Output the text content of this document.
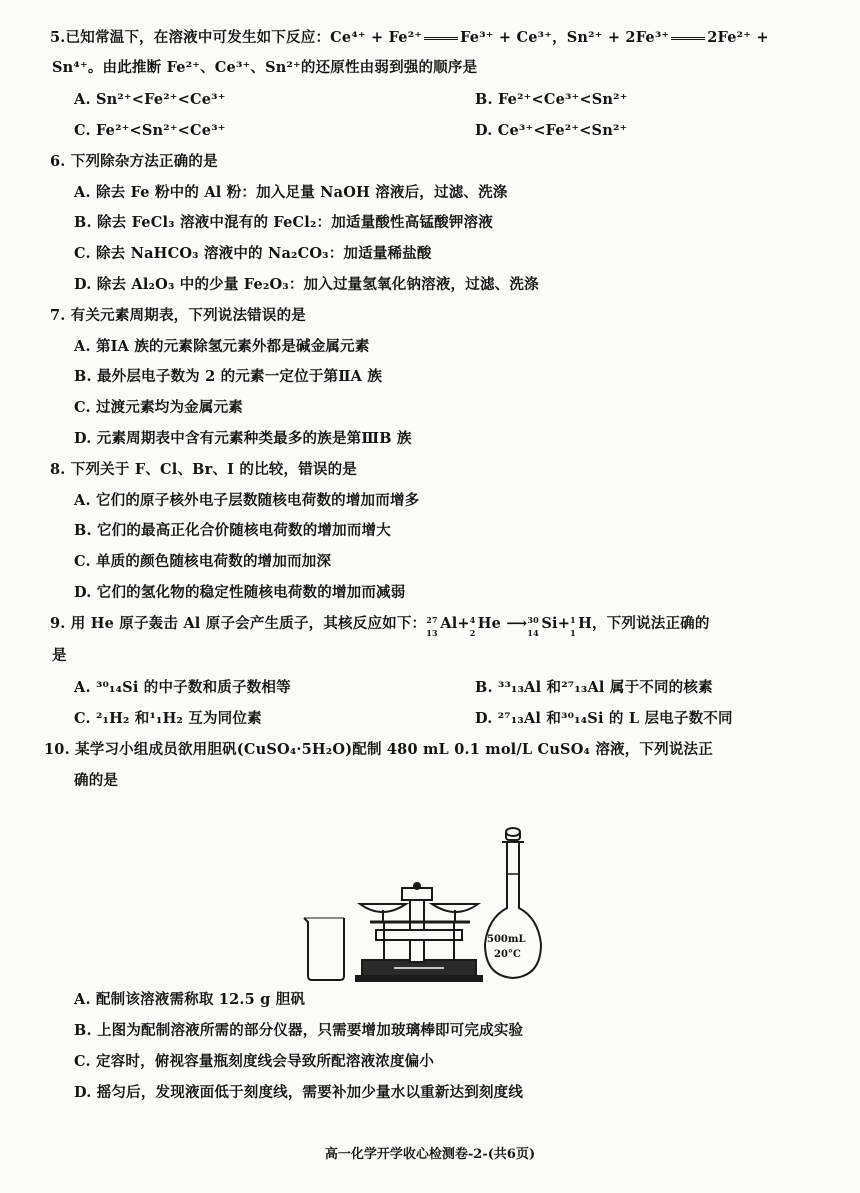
5.已知常温下，在溶液中可发生如下反应：Ce⁴⁺ + Fe²⁺	Fe³⁺ + Ce³⁺，Sn²⁺ + 2Fe³⁺	2Fe²⁺ +
Sn⁴⁺。由此推断 Fe²⁺、Ce³⁺、Sn²⁺的还原性由弱到强的顺序是
A. Sn²⁺<Fe²⁺<Ce³⁺	B. Fe²⁺<Ce³⁺<Sn²⁺
C. Fe²⁺<Sn²⁺<Ce³⁺	D. Ce³⁺<Fe²⁺<Sn²⁺
6. 下列除杂方法正确的是
A. 除去 Fe 粉中的 Al 粉：加入足量 NaOH 溶液后，过滤、洗涤
B. 除去 FeCl₃ 溶液中混有的 FeCl₂：加适量酸性高锰酸钾溶液
C. 除去 NaHCO₃ 溶液中的 Na₂CO₃：加适量稀盐酸
D. 除去 Al₂O₃ 中的少量 Fe₂O₃：加入过量氢氧化钠溶液，过滤、洗涤
7. 有关元素周期表，下列说法错误的是
A. 第ⅠA 族的元素除氢元素外都是碱金属元素
B. 最外层电子数为 2 的元素一定位于第ⅡA 族
C. 过渡元素均为金属元素
D. 元素周期表中含有元素种类最多的族是第ⅢB 族
8. 下列关于 F、Cl、Br、I 的比较，错误的是
A. 它们的原子核外电子层数随核电荷数的增加而增多
B. 它们的最高正化合价随核电荷数的增加而增大
C. 单质的颜色随核电荷数的增加而加深
D. 它们的氢化物的稳定性随核电荷数的增加而减弱
9. 用 He 原子轰击 Al 原子会产生质子，其核反应如下： 27
13
Al+ 4
2
He ⟶ 30
14
Si+ 1
1
H，下列说法正确的
是
A. ³⁰₁₄Si 的中子数和质子数相等	B. ³³₁₃Al 和²⁷₁₃Al 属于不同的核素
C. ²₁H₂ 和¹₁H₂ 互为同位素	D. ²⁷₁₃Al 和³⁰₁₄Si 的 L 层电子数不同
10. 某学习小组成员欲用胆矾(CuSO₄·5H₂O)配制 480 mL 0.1 mol/L CuSO₄ 溶液，下列说法正
确的是
500mL
20°C
A. 配制该溶液需称取 12.5 g 胆矾
B. 上图为配制溶液所需的部分仪器，只需要增加玻璃棒即可完成实验
C. 定容时，俯视容量瓶刻度线会导致所配溶液浓度偏小
D. 摇匀后，发现液面低于刻度线，需要补加少量水以重新达到刻度线
高一化学开学收心检测卷-2-(共6页)
